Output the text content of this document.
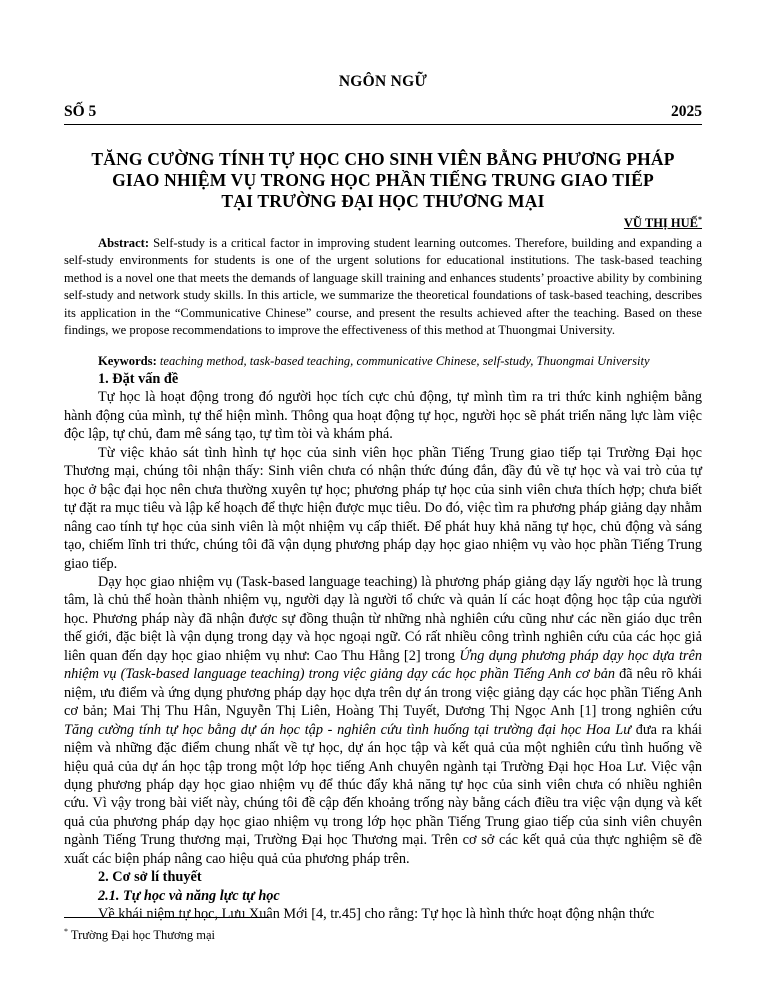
NGÔN NGỮ
SỐ 5	2025
TĂNG CƯỜNG TÍNH TỰ HỌC CHO SINH VIÊN BẰNG PHƯƠNG PHÁP
GIAO NHIỆM VỤ TRONG HỌC PHẦN TIẾNG TRUNG GIAO TIẾP
TẠI TRƯỜNG ĐẠI HỌC THƯƠNG MẠI
VŨ THỊ HUẾ*

Abstract: Self-study is a critical factor in improving student learning outcomes. Therefore, building and expanding a self-study environments for students is one of the urgent solutions for educational institutions. The task-based teaching method is a novel one that meets the demands of language skill training and enhances students’ proactive ability by combining self-study and network study skills. In this article, we summarize the theoretical foundations of task-based teaching, describes its application in the “Communicative Chinese” course, and present the results achieved after the teaching. Based on these findings, we propose recommendations to improve the effectiveness of this method at Thuongmai University.

Keywords: teaching method, task-based teaching, communicative Chinese, self-study, Thuongmai University

1. Đặt vấn đề

Tự học là hoạt động trong đó người học tích cực chủ động, tự mình tìm ra tri thức kinh nghiệm bằng hành động của mình, tự thể hiện mình. Thông qua hoạt động tự học, người học sẽ phát triển năng lực làm việc độc lập, tự chủ, đam mê sáng tạo, tự tìm tòi và khám phá.

Từ việc khảo sát tình hình tự học của sinh viên học phần Tiếng Trung giao tiếp tại Trường Đại học Thương mại, chúng tôi nhận thấy: Sinh viên chưa có nhận thức đúng đắn, đầy đủ về tự học và vai trò của tự học ở bậc đại học nên chưa thường xuyên tự học; phương pháp tự học của sinh viên chưa thích hợp; chưa biết tự đặt ra mục tiêu và lập kế hoạch để thực hiện được mục tiêu. Do đó, việc tìm ra phương pháp giảng dạy nhằm nâng cao tính tự học của sinh viên là một nhiệm vụ cấp thiết. Để phát huy khả năng tự học, chủ động và sáng tạo, chiếm lĩnh tri thức, chúng tôi đã vận dụng phương pháp dạy học giao nhiệm vụ vào học phần Tiếng Trung giao tiếp.

Dạy học giao nhiệm vụ (Task-based language teaching) là phương pháp giảng dạy lấy người học là trung tâm, là chủ thể hoàn thành nhiệm vụ, người dạy là người tổ chức và quản lí các hoạt động học tập của người học. Phương pháp này đã nhận được sự đồng thuận từ những nhà nghiên cứu cũng như các nền giáo dục trên thế giới, đặc biệt là vận dụng trong dạy và học ngoại ngữ. Có rất nhiều công trình nghiên cứu của các học giả liên quan đến dạy học giao nhiệm vụ như: Cao Thu Hằng [2] trong Ứng dụng phương pháp dạy học dựa trên nhiệm vụ (Task-based language teaching) trong việc giảng dạy các học phần Tiếng Anh cơ bản đã nêu rõ khái niệm, ưu điểm và ứng dụng phương pháp dạy học dựa trên dự án trong việc giảng dạy các học phần Tiếng Anh cơ bản; Mai Thị Thu Hân, Nguyễn Thị Liên, Hoàng Thị Tuyết, Dương Thị Ngọc Anh [1] trong nghiên cứu Tăng cường tính tự học bằng dự án học tập - nghiên cứu tình huống tại trường đại học Hoa Lư đưa ra khái niệm và những đặc điểm chung nhất về tự học, dự án học tập và kết quả của một nghiên cứu tình huống về hiệu quả của dự án học tập trong một lớp học tiếng Anh chuyên ngành tại Trường Đại học Hoa Lư. Việc vận dụng phương pháp dạy học giao nhiệm vụ để thúc đẩy khả năng tự học của sinh viên chưa có nhiều nghiên cứu. Vì vậy trong bài viết này, chúng tôi đề cập đến khoảng trống này bằng cách điều tra việc vận dụng và kết quả của phương pháp dạy học giao nhiệm vụ trong lớp học phần Tiếng Trung giao tiếp của sinh viên chuyên ngành Tiếng Trung thương mại, Trường Đại học Thương mại. Trên cơ sở các kết quả của thực nghiệm sẽ đề xuất các biện pháp nâng cao hiệu quả của phương pháp trên.

2. Cơ sở lí thuyết

2.1. Tự học và năng lực tự học

Về khái niệm tự học, Lưu Xuân Mới [4, tr.45] cho rằng: Tự học là hình thức hoạt động nhận thức

* Trường Đại học Thương mại
